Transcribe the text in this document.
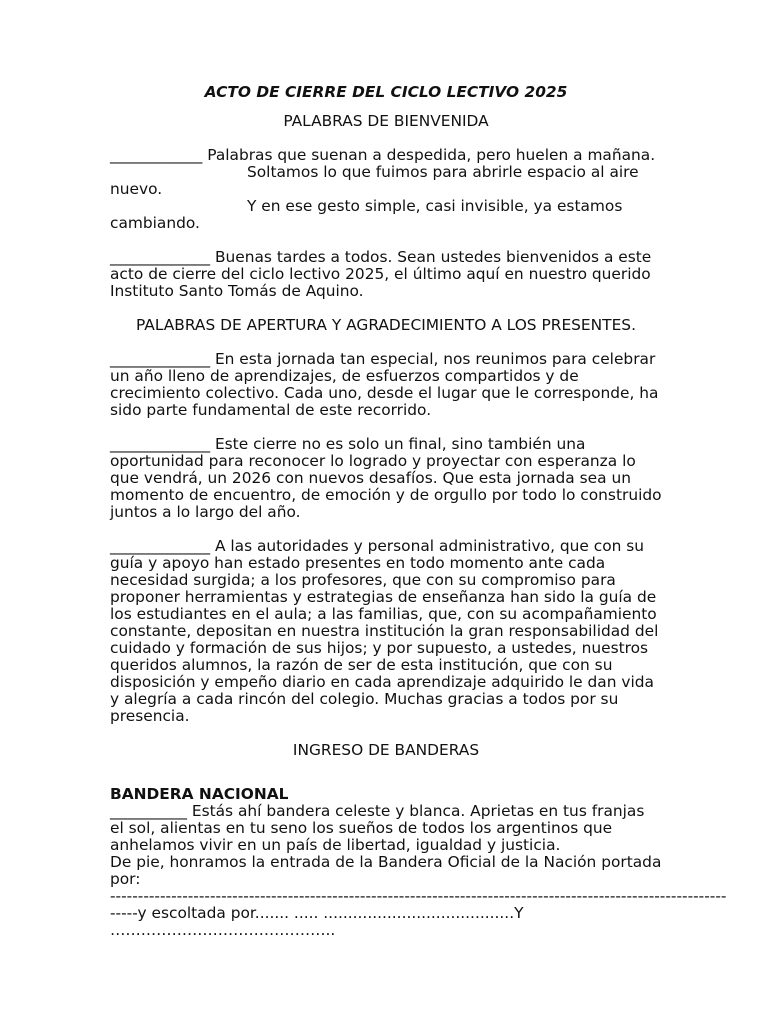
ACTO DE CIERRE DEL CICLO LECTIVO 2025

PALABRAS DE BIENVENIDA

____________ Palabras que suenan a despedida, pero huelen a mañana.

Soltamos lo que fuimos para abrirle espacio al aire

nuevo.

Y en ese gesto simple, casi invisible, ya estamos

cambiando.

_____________ Buenas tardes a todos. Sean ustedes bienvenidos a este acto de cierre del ciclo lectivo 2025, el último aquí en nuestro querido Instituto Santo Tomás de Aquino.

PALABRAS DE APERTURA Y AGRADECIMIENTO A LOS PRESENTES.

_____________ En esta jornada tan especial, nos reunimos para celebrar un año lleno de aprendizajes, de esfuerzos compartidos y de crecimiento colectivo. Cada uno, desde el lugar que le corresponde, ha sido parte fundamental de este recorrido.

_____________ Este cierre no es solo un final, sino también una oportunidad para reconocer lo logrado y proyectar con esperanza lo que vendrá, un 2026 con nuevos desafíos. Que esta jornada sea un momento de encuentro, de emoción y de orgullo por todo lo construido juntos a lo largo del año.

_____________ A las autoridades y personal administrativo, que con su guía y apoyo han estado presentes en todo momento ante cada necesidad surgida; a los profesores, que con su compromiso para proponer herramientas y estrategias de enseñanza han sido la guía de los estudiantes en el aula; a las familias, que, con su acompañamiento constante, depositan en nuestra institución la gran responsabilidad del cuidado y formación de sus hijos; y por supuesto, a ustedes, nuestros queridos alumnos, la razón de ser de esta institución, que con su disposición y empeño diario en cada aprendizaje adquirido le dan vida y alegría a cada rincón del colegio. Muchas gracias a todos por su presencia.

INGRESO DE BANDERAS

BANDERA NACIONAL

__________ Estás ahí bandera celeste y blanca. Aprietas en tus franjas el sol, alientas en tu seno los sueños de todos los argentinos que anhelamos vivir en un país de libertad, igualdad y justicia.

De pie, honramos la entrada de la Bandera Oficial de la Nación portada por:

---------------------------------------------------------------------------------------------------------------

-----y escoltada por....... ..... .......................................Y

……………………………………..
